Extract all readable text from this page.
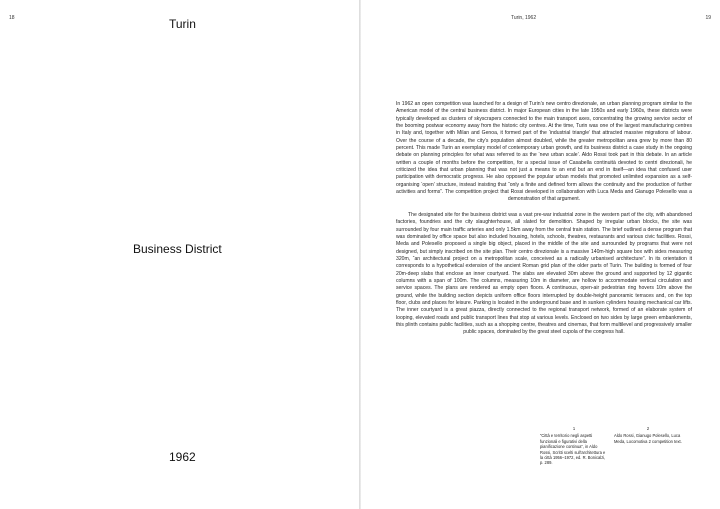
18	Turin
Business District
1962
Turin, 1962	19

In 1962 an open competition was launched for a design of Turin’s new centro direzionale, an urban planning program similar to the American model of the central business district. In major European cities in the late 1950s and early 1960s, these districts were typically developed as clusters of skyscrapers connected to the main transport axes, concentrating the growing service sector of the booming postwar economy away from the historic city centres. At the time, Turin was one of the largest manufacturing centres in Italy and, together with Milan and Genoa, it formed part of the ‘industrial triangle’ that attracted massive migrations of labour. Over the course of a decade, the city’s population almost doubled, while the greater metropolitan area grew by more than 80 percent. This made Turin an exemplary model of contemporary urban growth, and its business district a case study in the ongoing debate on planning principles for what was referred to as the ‘new urban scale’. Aldo Rossi took part in this debate. In an article written a couple of months before the competition, for a special issue of Casabella continuità devoted to centri direzionali, he criticized the idea that urban planning that was not just a means to an end but an end in itself—an idea that confused user participation with democratic progress. He also opposed the popular urban models that promoted unlimited expansion as a self-organising ‘open’ structure, instead insisting that “only a finite and defined form allows the continuity and the production of further activities and forms”. The competition project that Rossi developed in collaboration with Luca Meda and Gianugo Polesello was a demonstration of that argument.

The designated site for the business district was a vast pre-war industrial zone in the western part of the city, with abandoned factories, foundries and the city slaughterhouse, all slated for demolition. Shaped by irregular urban blocks, the site was surrounded by four main traffic arteries and only 1.5km away from the central train station. The brief outlined a dense program that was dominated by office space but also included housing, hotels, schools, theatres, restaurants and various civic facilities. Rossi, Meda and Polesello proposed a single big object, placed in the middle of the site and surrounded by programs that were not designed, but simply inscribed on the site plan. Their centro direzionale is a massive 140m-high square box with sides measuring 320m, “an architectural project on a metropolitan scale, conceived as a radically urbanised architecture”. In its orientation it corresponds to a hypothetical extension of the ancient Roman grid plan of the older parts of Turin. The building is formed of four 20m-deep slabs that enclose an inner courtyard. The slabs are elevated 30m above the ground and supported by 12 gigantic columns with a span of 100m. The columns, measuring 10m in diameter, are hollow to accommodate vertical circulation and service spaces. The plans are rendered as empty open floors. A continuous, open-air pedestrian ring hovers 10m above the ground, while the building section depicts uniform office floors interrupted by double-height panoramic terraces and, on the top floor, clubs and places for leisure. Parking is located in the underground base and in sunken cylinders housing mechanical car lifts. The inner courtyard is a great piazza, directly connected to the regional transport network, formed of an elaborate system of looping, elevated roads and public transport lines that stop at various levels. Enclosed on two sides by large green embankments, this plinth contains public facilities, such as a shopping centre, theatres and cinemas, that form multilevel and progressively smaller public spaces, dominated by the great steel cupola of the congress hall.

1
“Città e territorio negli aspetti funzionali e figurativi della pianificazione continua”, in Aldo Rossi, Scritti scelti sull’architettura e la città 1956–1972, ed. R. Bonicalzi, p. 289.
2
Aldo Rossi, Gianugo Polesello, Luca Meda, Locomotiva 2 competition text.
